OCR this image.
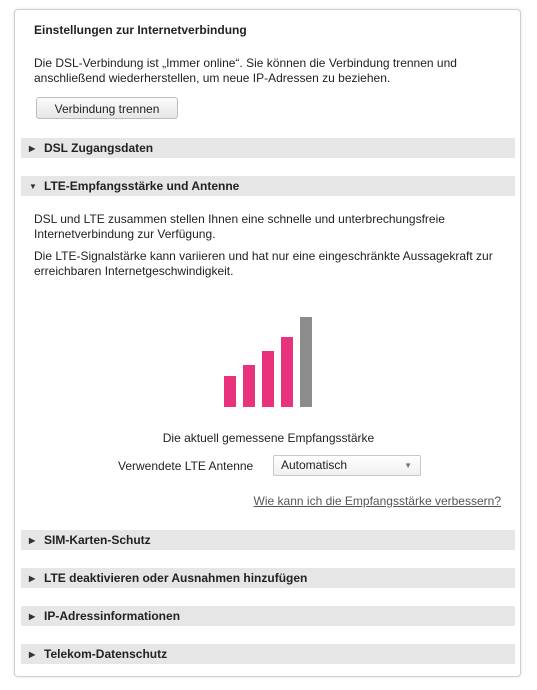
Einstellungen zur Internetverbindung
Die DSL-Verbindung ist „Immer online“. Sie können die Verbindung trennen und anschließend wiederherstellen, um neue IP-Adressen zu beziehen.
Verbindung trennen
▶ DSL Zugangsdaten
▼ LTE-Empfangsstärke und Antenne
DSL und LTE zusammen stellen Ihnen eine schnelle und unterbrechungsfreie Internetverbindung zur Verfügung.
Die LTE-Signalstärke kann variieren und hat nur eine eingeschränkte Aussagekraft zur erreichbaren Internetgeschwindigkeit.
Die aktuell gemessene Empfangsstärke
Verwendete LTE Antenne	Automatisch	▼
Wie kann ich die Empfangsstärke verbessern?
▶ SIM-Karten-Schutz
▶ LTE deaktivieren oder Ausnahmen hinzufügen
▶ IP-Adressinformationen
▶ Telekom-Datenschutz
